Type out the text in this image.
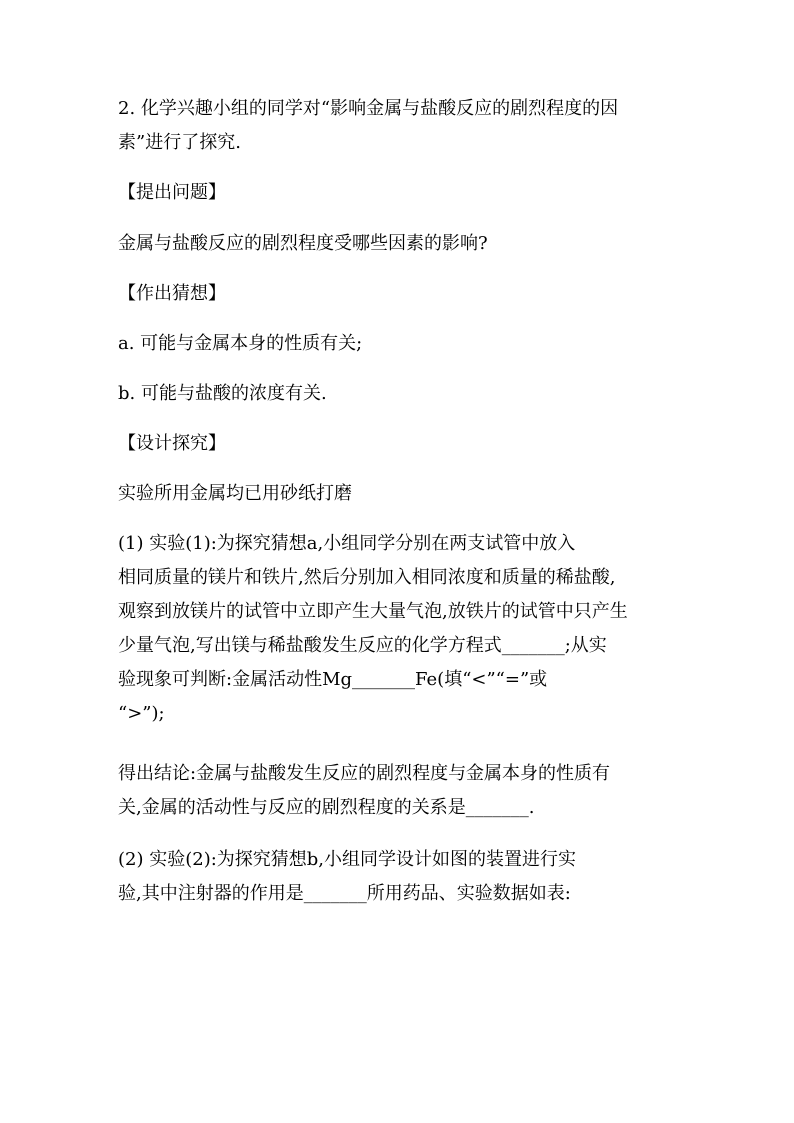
2. 化学兴趣小组的同学对“影响金属与盐酸反应的剧烈程度的因
素”进行了探究.

【提出问题】

金属与盐酸反应的剧烈程度受哪些因素的影响?

【作出猜想】

a. 可能与金属本身的性质有关;

b. 可能与盐酸的浓度有关.

【设计探究】

实验所用金属均已用砂纸打磨

(1) 实验(1):为探究猜想a,小组同学分别在两支试管中放入
相同质量的镁片和铁片,然后分别加入相同浓度和质量的稀盐酸,
观察到放镁片的试管中立即产生大量气泡,放铁片的试管中只产生
少量气泡,写出镁与稀盐酸发生反应的化学方程式_______;从实
验现象可判断:金属活动性Mg_______Fe(填“<”“=”或
“>”);

得出结论:金属与盐酸发生反应的剧烈程度与金属本身的性质有
关,金属的活动性与反应的剧烈程度的关系是_______.

(2) 实验(2):为探究猜想b,小组同学设计如图的装置进行实
验,其中注射器的作用是_______所用药品、实验数据如表:
